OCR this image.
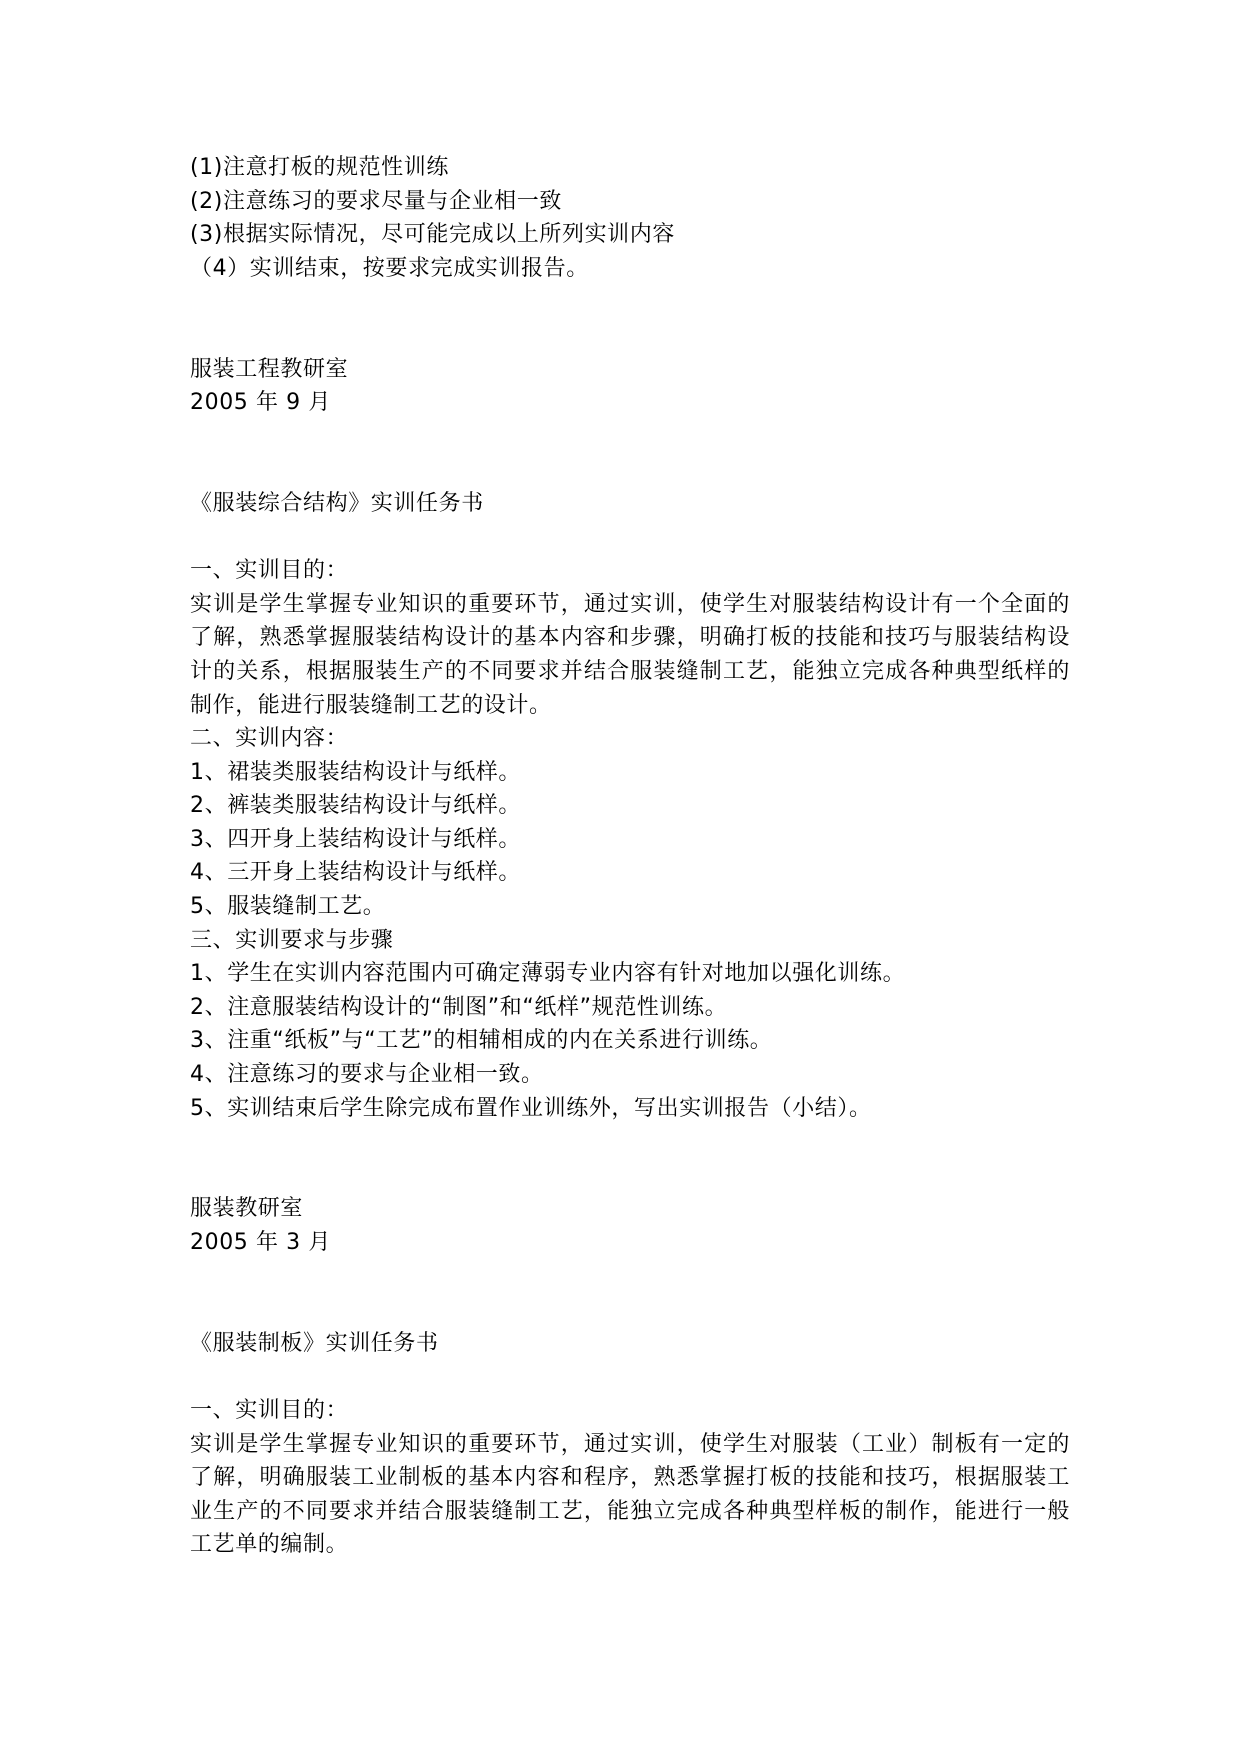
(1)注意打板的规范性训练
(2)注意练习的要求尽量与企业相一致
(3)根据实际情况，尽可能完成以上所列实训内容
（4）实训结束，按要求完成实训报告。
服装工程教研室
2005 年 9 月
《服装综合结构》实训任务书
一、实训目的：
实训是学生掌握专业知识的重要环节，通过实训，使学生对服装结构设计有一个全面的了解，熟悉掌握服装结构设计的基本内容和步骤，明确打板的技能和技巧与服装结构设计的关系，根据服装生产的不同要求并结合服装缝制工艺，能独立完成各种典型纸样的制作，能进行服装缝制工艺的设计。
二、实训内容：
1、裙装类服装结构设计与纸样。
2、裤装类服装结构设计与纸样。
3、四开身上装结构设计与纸样。
4、三开身上装结构设计与纸样。
5、服装缝制工艺。
三、实训要求与步骤
1、学生在实训内容范围内可确定薄弱专业内容有针对地加以强化训练。
2、注意服装结构设计的“制图”和“纸样”规范性训练。
3、注重“纸板”与“工艺”的相辅相成的内在关系进行训练。
4、注意练习的要求与企业相一致。
5、实训结束后学生除完成布置作业训练外，写出实训报告（小结）。
服装教研室
2005 年 3 月
《服装制板》实训任务书
一、实训目的：
实训是学生掌握专业知识的重要环节，通过实训，使学生对服装（工业）制板有一定的了解，明确服装工业制板的基本内容和程序，熟悉掌握打板的技能和技巧，根据服装工业生产的不同要求并结合服装缝制工艺，能独立完成各种典型样板的制作，能进行一般工艺单的编制。
